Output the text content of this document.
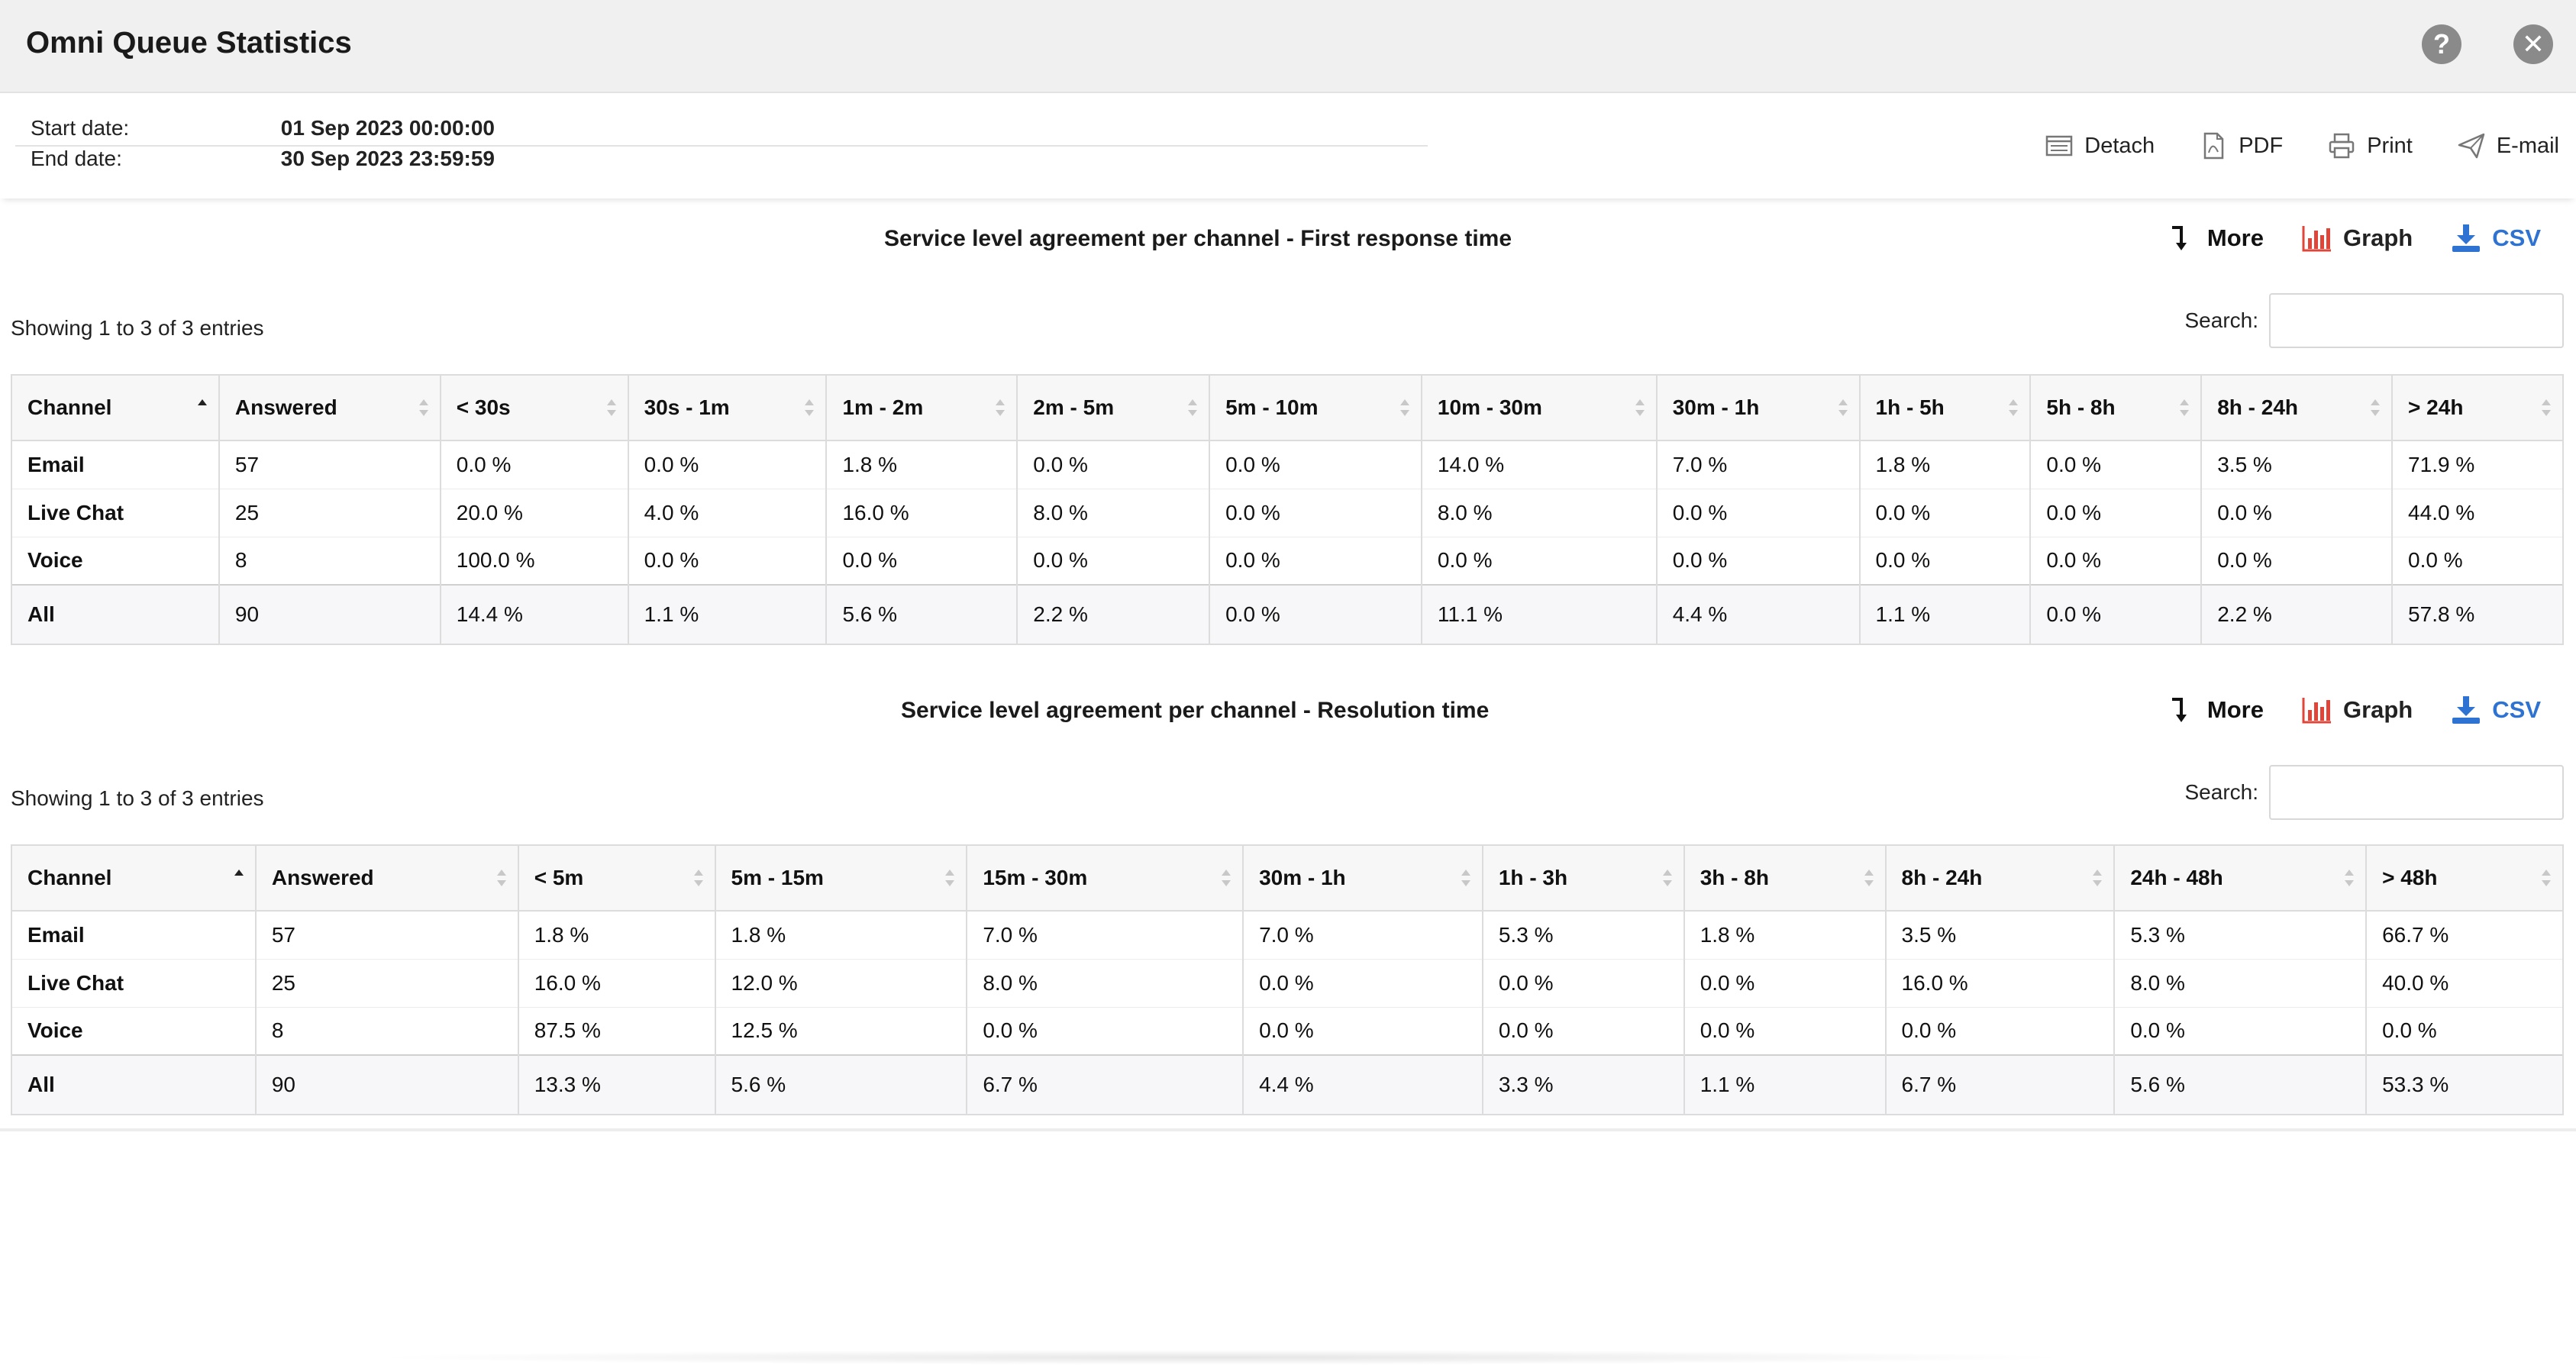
Omni Queue Statistics	?	✕
Start date:	01 Sep 2023 00:00:00
End date:	30 Sep 2023 23:59:59
Detach	PDF	Print	E-mail
Service level agreement per channel - First response time	More	Graph	CSV
Showing 1 to 3 of 3 entries	Search:
Channel	Answered	< 30s	30s - 1m	1m - 2m	2m - 5m	5m - 10m	10m - 30m	30m - 1h	1h - 5h	5h - 8h	8h - 24h	> 24h

Email	57	0.0 %	0.0 %	1.8 %	0.0 %	0.0 %	14.0 %	7.0 %	1.8 %	0.0 %	3.5 %	71.9 %
Live Chat	25	20.0 %	4.0 %	16.0 %	8.0 %	0.0 %	8.0 %	0.0 %	0.0 %	0.0 %	0.0 %	44.0 %
Voice	8	100.0 %	0.0 %	0.0 %	0.0 %	0.0 %	0.0 %	0.0 %	0.0 %	0.0 %	0.0 %	0.0 %
All	90	14.4 %	1.1 %	5.6 %	2.2 %	0.0 %	11.1 %	4.4 %	1.1 %	0.0 %	2.2 %	57.8 %
Service level agreement per channel - Resolution time	More	Graph	CSV
Showing 1 to 3 of 3 entries	Search:
Channel	Answered	< 5m	5m - 15m	15m - 30m	30m - 1h	1h - 3h	3h - 8h	8h - 24h	24h - 48h	> 48h

Email	57	1.8 %	1.8 %	7.0 %	7.0 %	5.3 %	1.8 %	3.5 %	5.3 %	66.7 %
Live Chat	25	16.0 %	12.0 %	8.0 %	0.0 %	0.0 %	0.0 %	16.0 %	8.0 %	40.0 %
Voice	8	87.5 %	12.5 %	0.0 %	0.0 %	0.0 %	0.0 %	0.0 %	0.0 %	0.0 %
All	90	13.3 %	5.6 %	6.7 %	4.4 %	3.3 %	1.1 %	6.7 %	5.6 %	53.3 %
